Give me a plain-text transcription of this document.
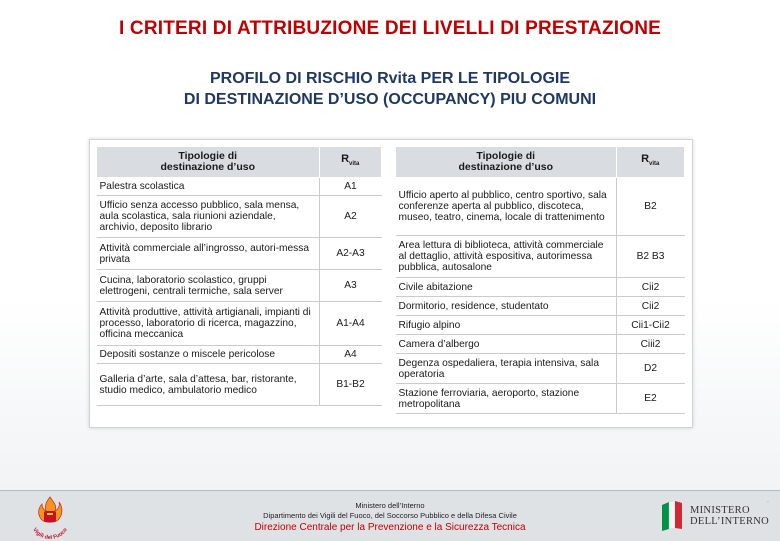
I CRITERI DI ATTRIBUZIONE DEI LIVELLI DI PRESTAZIONE
PROFILO DI RISCHIO Rvita PER LE TIPOLOGIE
DI DESTINAZIONE D’USO (OCCUPANCY) PIU COMUNI
Tipologie di
destinazione d’uso	$R_{vita}$
Palestra scolastica	A1
Ufficio senza accesso pubblico, sala mensa, aula scolastica, sala riunioni aziendale, archivio, deposito librario	A2
Attività commerciale all’ingrosso, autori-messa privata	A2-A3
Cucina, laboratorio scolastico, gruppi elettrogeni, centrali termiche, sala server	A3
Attività produttive, attività artigianali, impianti di processo, laboratorio di ricerca, magazzino, officina meccanica	A1-A4
Depositi sostanze o miscele pericolose	A4
Galleria d’arte, sala d’attesa, bar, ristorante, studio medico, ambulatorio medico	B1-B2
Tipologie di
destinazione d’uso	$R_{vita}$
Ufficio aperto al pubblico, centro sportivo, sala conferenze aperta al pubblico, discoteca, museo, teatro, cinema, locale di trattenimento	B2
Area lettura di biblioteca, attività commerciale al dettaglio, attività espositiva, autorimessa pubblica, autosalone	B2 B3
Civile abitazione	Cii2
Dormitorio, residence, studentato	Cii2
Rifugio alpino	Cii1-Cii2
Camera d’albergo	Ciii2
Degenza ospedaliera, terapia intensiva, sala operatoria	D2
Stazione ferroviaria, aeroporto, stazione metropolitana	E2
Vigili del Fuoco
Ministero dell’Interno
Dipartimento dei Vigili del Fuoco, del Soccorso Pubblico e della Difesa Civile
Direzione Centrale per la Prevenzione e la Sicurezza Tecnica
MINISTERO
DELL’INTERNO
.
